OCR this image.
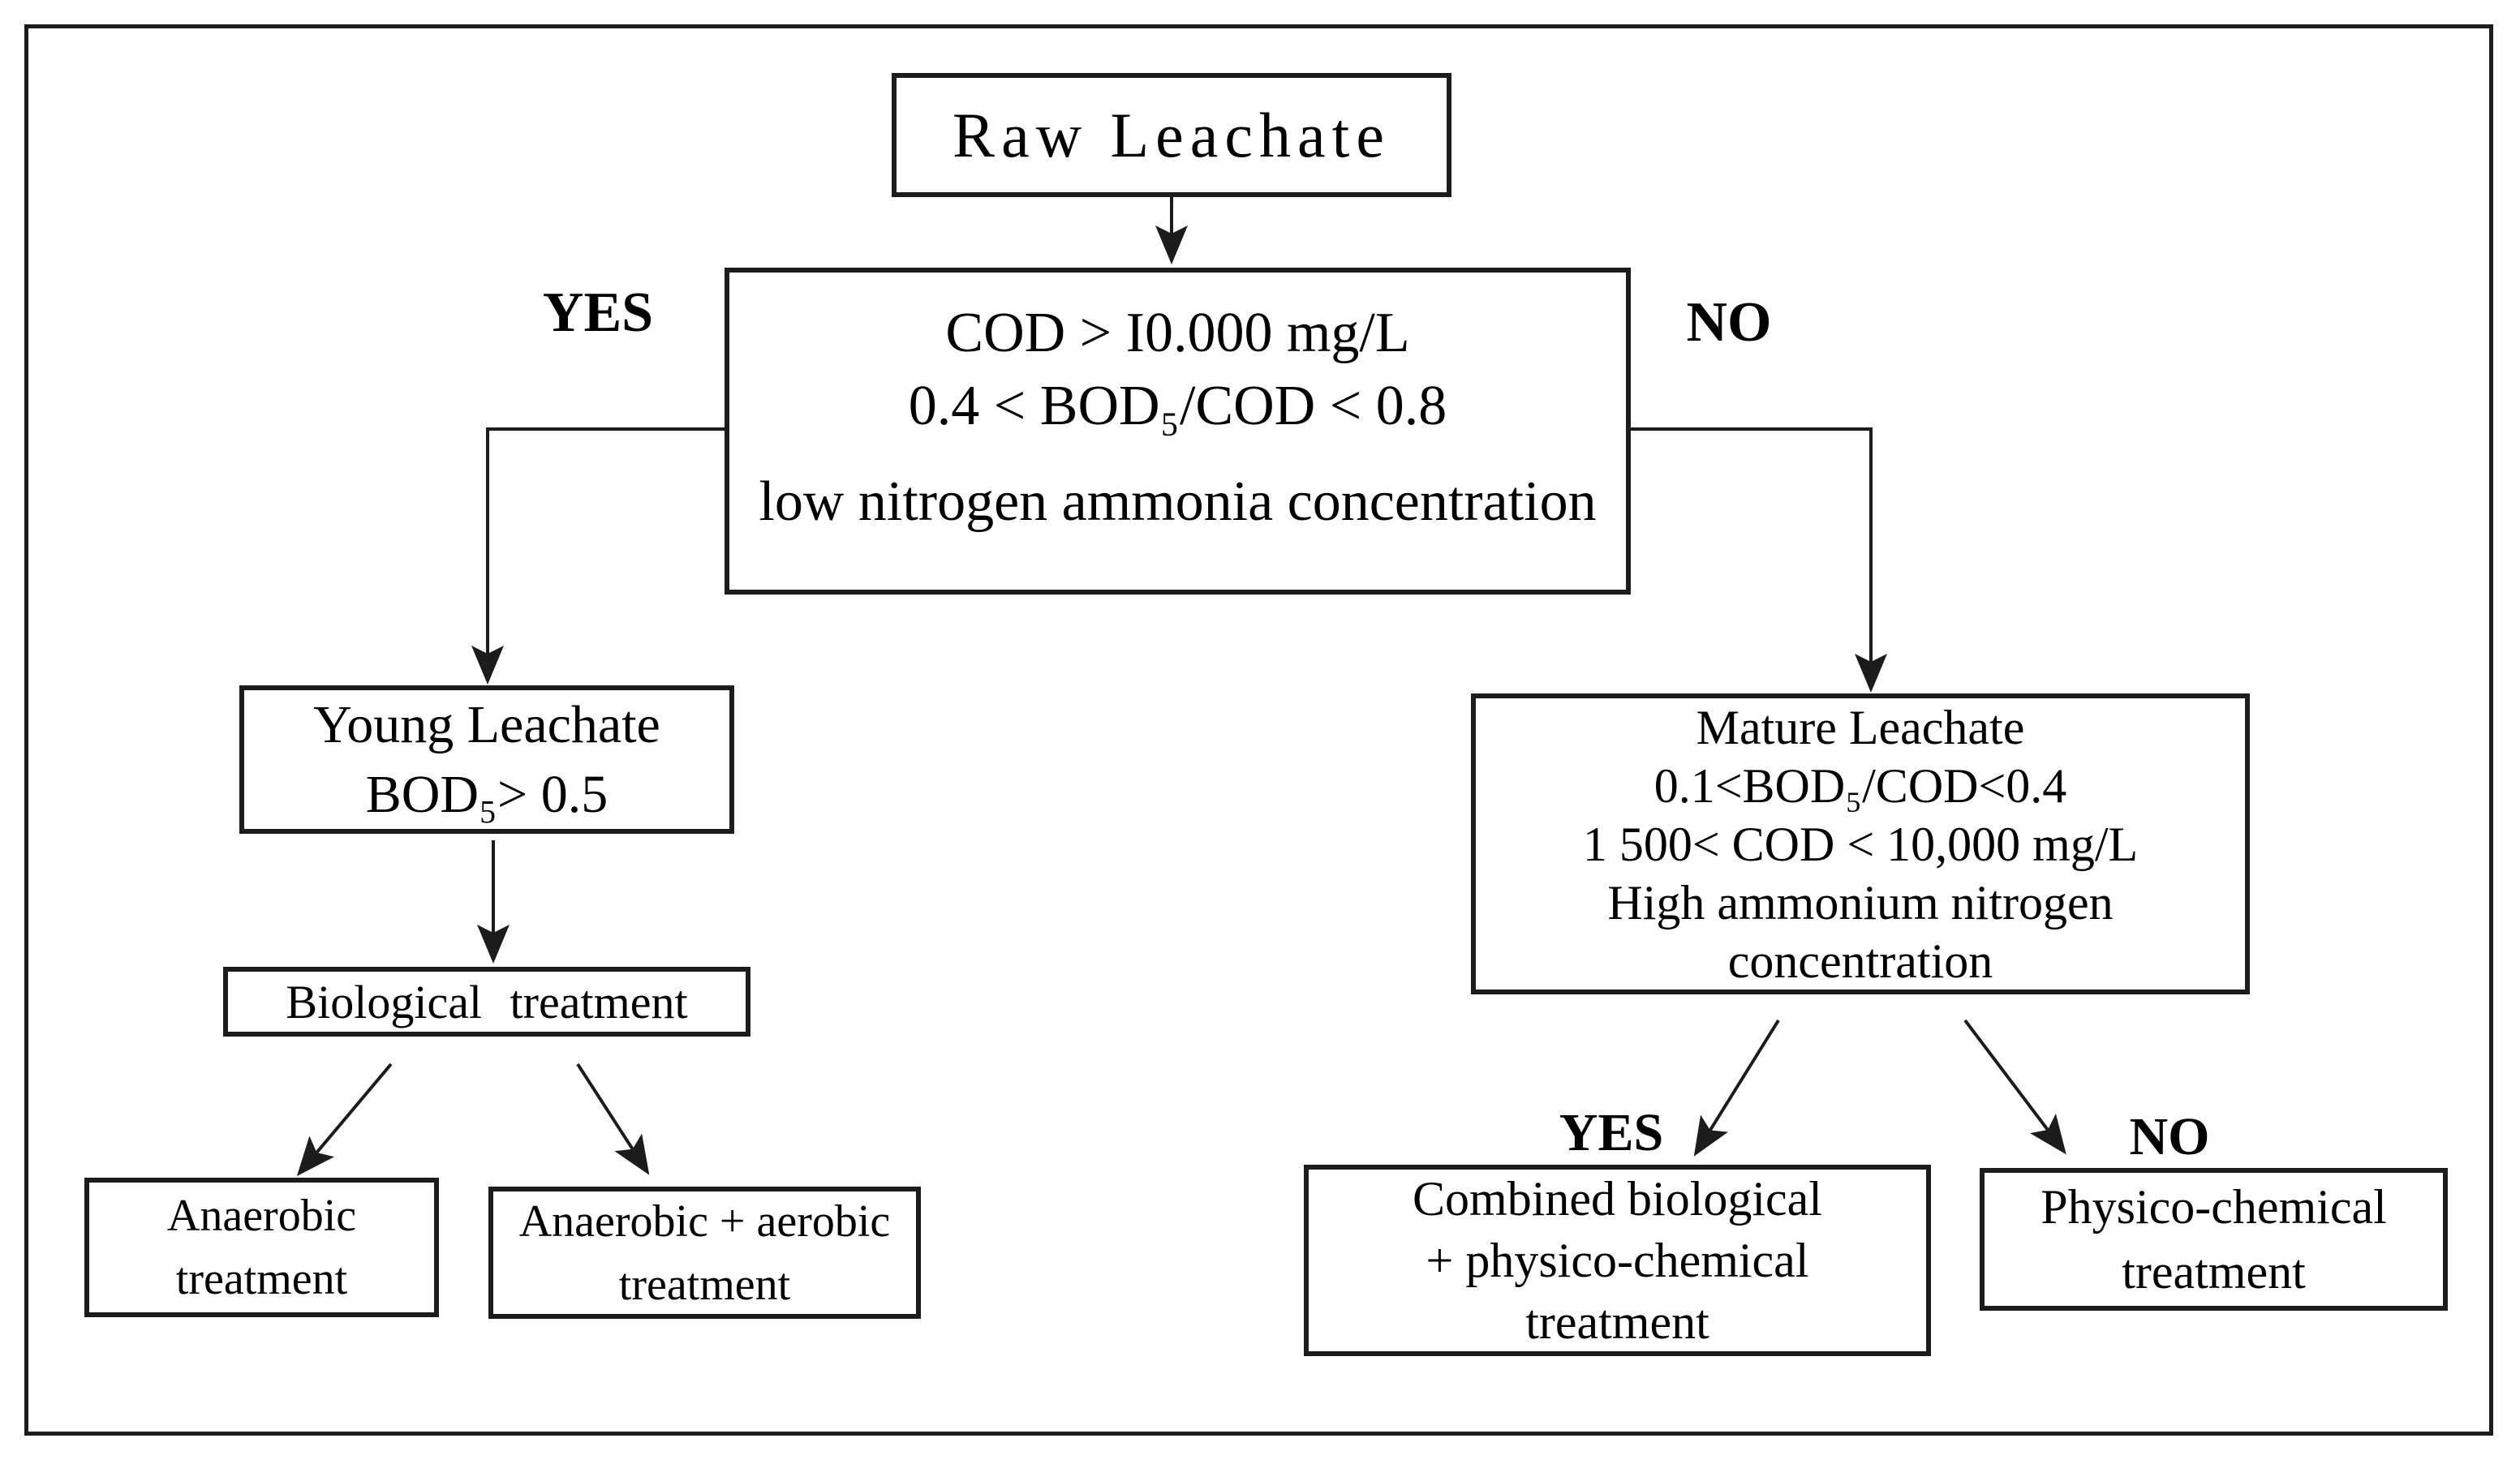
Raw Leachate
COD > I0.000 mg/L
0.4 < BOD₅/COD < 0.8
low nitrogen ammonia concentration
Young Leachate
BOD₅> 0.5
Biological treatment
Anaerobic
treatment
Anaerobic + aerobic
treatment
Mature Leachate
0.1<BOD₅/COD<0.4
1 500< COD < 10,000 mg/L
High ammonium nitrogen
concentration
Combined biological
+ physico-chemical
treatment
Physico-chemical
treatment
YES	NO
YES	NO
